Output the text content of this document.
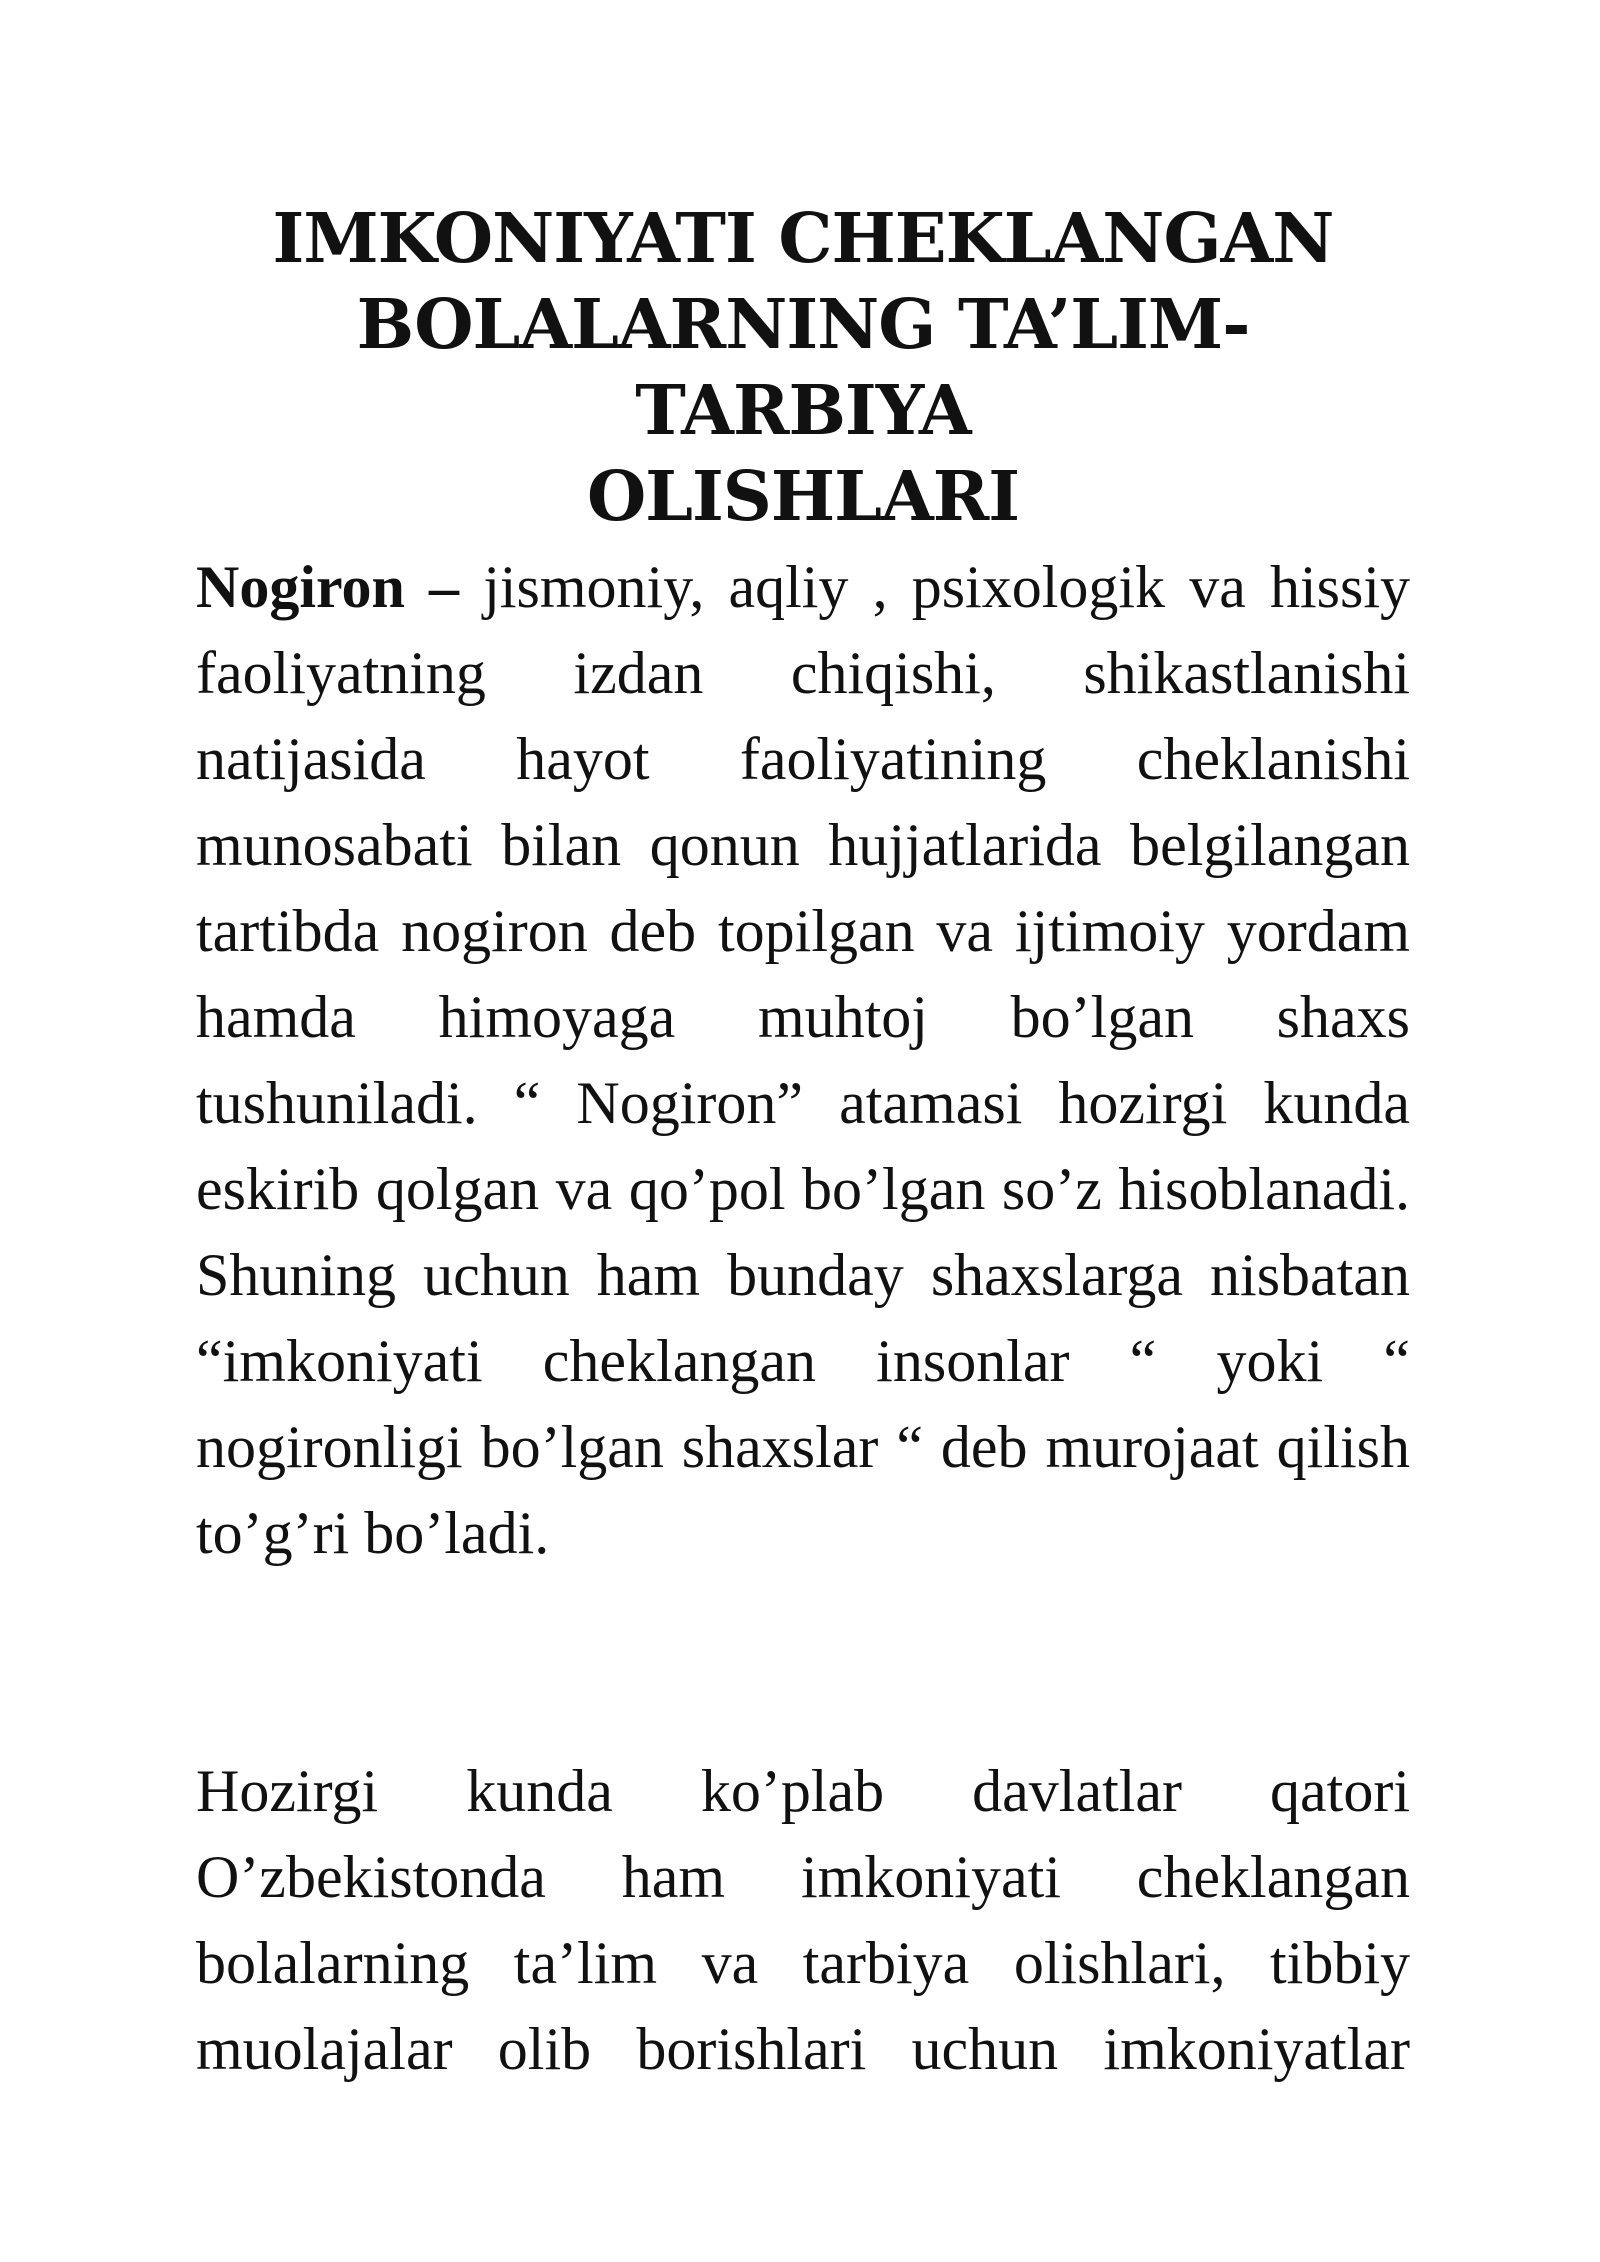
IMKONIYATI CHEKLANGAN
BOLALARNING TA’LIM-TARBIYA
OLISHLARI

Nogiron – jismoniy, aqliy , psixologik va hissiy faoliyatning izdan chiqishi, shikastlanishi natijasida hayot faoliyatining cheklanishi munosabati bilan qonun hujjatlarida belgilangan tartibda nogiron deb topilgan va ijtimoiy yordam hamda himoyaga muhtoj bo’lgan shaxs tushuniladi. “ Nogiron” atamasi hozirgi kunda eskirib qolgan va qo’pol bo’lgan so’z hisoblanadi. Shuning uchun ham bunday shaxslarga nisbatan “imkoniyati cheklangan insonlar “ yoki “ nogironligi bo’lgan shaxslar “ deb murojaat qilish to’g’ri bo’ladi.

Hozirgi kunda ko’plab davlatlar qatori O’zbekistonda ham imkoniyati cheklangan bolalarning ta’lim va tarbiya olishlari, tibbiy muolajalar olib borishlari uchun imkoniyatlar
